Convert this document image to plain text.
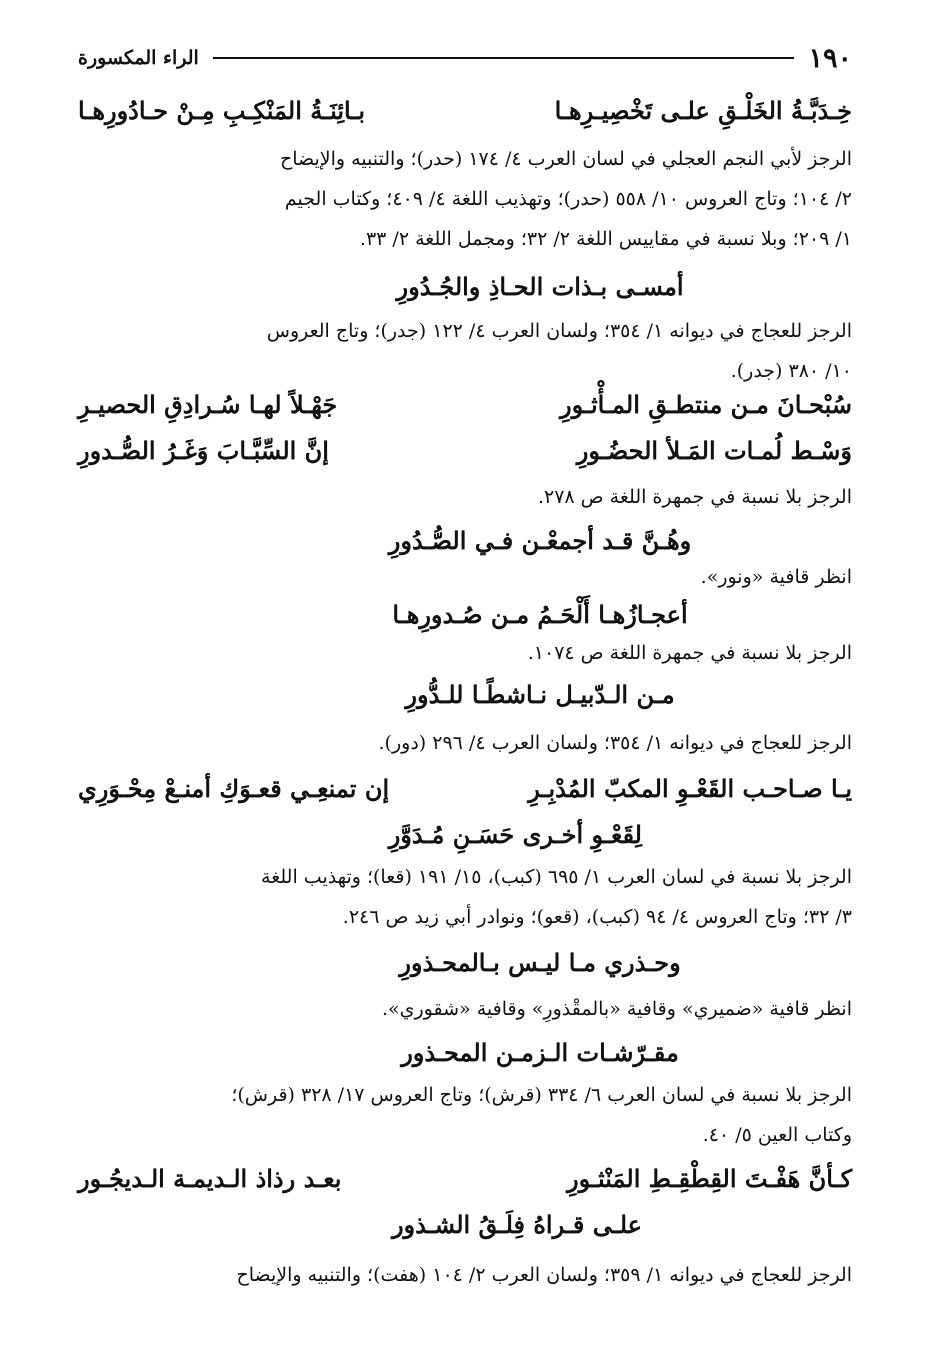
١٩٠
الراء المكسورة
خِـدَبَّـةُ الخَلْـقِ علـى تَخْصِيـرِهـا
بـائِنَـةُ المَنْكِـبِ مِـنْ حـادُورِهـا
الرجز لأبي النجم العجلي في لسان العرب ٤/ ١٧٤ (حدر)؛ والتنبيه والإيضاح
٢/ ١٠٤؛ وتاج العروس ١٠/ ٥٥٨ (حدر)؛ وتهذيب اللغة ٤/ ٤٠٩؛ وكتاب الجيم
١/ ٢٠٩؛ وبلا نسبة في مقاييس اللغة ٢/ ٣٢؛ ومجمل اللغة ٢/ ٣٣.
أمسـى بـذات الحـاذِ والجُـدُورِ
الرجز للعجاج في ديوانه ١/ ٣٥٤؛ ولسان العرب ٤/ ١٢٢ (جدر)؛ وتاج العروس
١٠/ ٣٨٠ (جدر).
سُبْحـانَ مـن منتطـقِ المـأْثـورِ
جَهْـلاً لهـا سُـرادِقِ الحصيـرِ
وَسْـط لُمـات المَـلأ الحضُـورِ
إنَّ السِّبَّـابَ وَغَـرُ الصُّـدورِ
الرجز بلا نسبة في جمهرة اللغة ص ٢٧٨.
وهُـنَّ قـد أجمعْـن فـي الصُّـدُورِ
انظر قافية «ونور».
أعجـازُهـا أَلْحَـمُ مـن صُـدورِهـا
الرجز بلا نسبة في جمهرة اللغة ص ١٠٧٤.
مـن الـدّبيـل نـاشطًـا للـدُّورِ
الرجز للعجاج في ديوانه ١/ ٣٥٤؛ ولسان العرب ٤/ ٢٩٦ (دور).
يـا صـاحـب القَعْـوِ المكبّ المُدْبِـرِ
إن تمنعِـي قعـوَكِ أمنـعْ مِحْـوَرِي
لِقَعْـوِ أخـرى حَسَـنِ مُـدَوَّرِ
الرجز بلا نسبة في لسان العرب ١/ ٦٩٥ (كبب)، ١٥/ ١٩١ (قعا)؛ وتهذيب اللغة
٣/ ٣٢؛ وتاج العروس ٤/ ٩٤ (كبب)، (قعو)؛ ونوادر أبي زيد ص ٢٤٦.
وحـذري مـا ليـس بـالمحـذورِ
انظر قافية «ضميري» وقافية «بالمقْذورِ» وقافية «شقوري».
مقـرّشـات الـزمـن المحـذور
الرجز بلا نسبة في لسان العرب ٦/ ٣٣٤ (قرش)؛ وتاج العروس ١٧/ ٣٢٨ (قرش)؛
وكتاب العين ٥/ ٤٠.
كـأنَّ هَفْـتَ القِطْقِـطِ المَنْثـورِ
بعـد رذاذ الـديمـة الـديجُـور
علـى قـراهُ فِلَـقُ الشـذور
الرجز للعجاج في ديوانه ١/ ٣٥٩؛ ولسان العرب ٢/ ١٠٤ (هفت)؛ والتنبيه والإيضاح
